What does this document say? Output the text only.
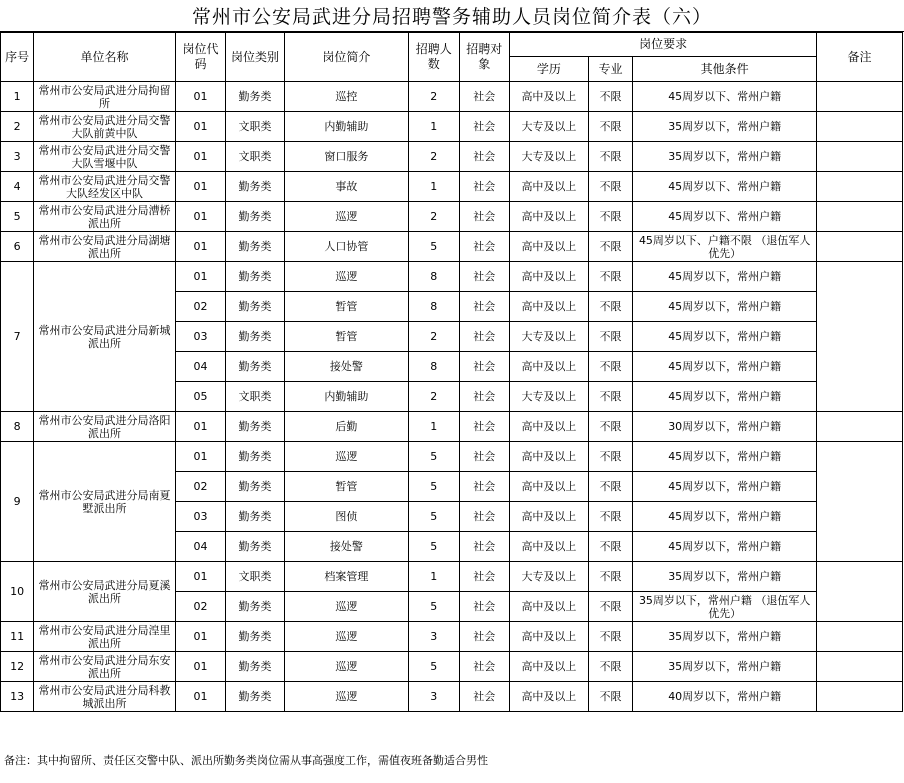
常州市公安局武进分局招聘警务辅助人员岗位简介表（六）
序号	单位名称	岗位代码	岗位类别	岗位简介	招聘人数	招聘对象	岗位要求			备注
							学历	专业	其他条件	
1	常州市公安局武进分局拘留所	01	勤务类	巡控	2	社会	高中及以上	不限	45周岁以下、常州户籍	
2	常州市公安局武进分局交警大队前黄中队	01	文职类	内勤辅助	1	社会	大专及以上	不限	35周岁以下，常州户籍	
3	常州市公安局武进分局交警大队雪堰中队	01	文职类	窗口服务	2	社会	大专及以上	不限	35周岁以下，常州户籍	
4	常州市公安局武进分局交警大队经发区中队	01	勤务类	事故	1	社会	高中及以上	不限	45周岁以下、常州户籍	
5	常州市公安局武进分局漕桥派出所	01	勤务类	巡逻	2	社会	高中及以上	不限	45周岁以下、常州户籍	
6	常州市公安局武进分局湖塘派出所	01	勤务类	人口协管	5	社会	高中及以上	不限	45周岁以下、户籍不限 （退伍军人优先）	
7	常州市公安局武进分局新城派出所	01	勤务类	巡逻	8	社会	高中及以上	不限	45周岁以下，常州户籍	
		02	勤务类	暂管	8	社会	高中及以上	不限	45周岁以下，常州户籍	
		03	勤务类	暂管	2	社会	大专及以上	不限	45周岁以下，常州户籍	
		04	勤务类	接处警	8	社会	高中及以上	不限	45周岁以下，常州户籍	
		05	文职类	内勤辅助	2	社会	大专及以上	不限	45周岁以下，常州户籍	
8	常州市公安局武进分局洛阳派出所	01	勤务类	后勤	1	社会	高中及以上	不限	30周岁以下，常州户籍	
9	常州市公安局武进分局南夏墅派出所	01	勤务类	巡逻	5	社会	高中及以上	不限	45周岁以下，常州户籍	
		02	勤务类	暂管	5	社会	高中及以上	不限	45周岁以下，常州户籍	
		03	勤务类	图侦	5	社会	高中及以上	不限	45周岁以下，常州户籍	
		04	勤务类	接处警	5	社会	高中及以上	不限	45周岁以下，常州户籍	
10	常州市公安局武进分局夏溪派出所	01	文职类	档案管理	1	社会	大专及以上	不限	35周岁以下，常州户籍	
		02	勤务类	巡逻	5	社会	高中及以上	不限	35周岁以下，常州户籍 （退伍军人优先）	
11	常州市公安局武进分局湟里派出所	01	勤务类	巡逻	3	社会	高中及以上	不限	35周岁以下，常州户籍	
12	常州市公安局武进分局东安派出所	01	勤务类	巡逻	5	社会	高中及以上	不限	35周岁以下，常州户籍	
13	常州市公安局武进分局科教城派出所	01	勤务类	巡逻	3	社会	高中及以上	不限	40周岁以下，常州户籍	
备注：其中拘留所、责任区交警中队、派出所勤务类岗位需从事高强度工作，需值夜班备勤适合男性
